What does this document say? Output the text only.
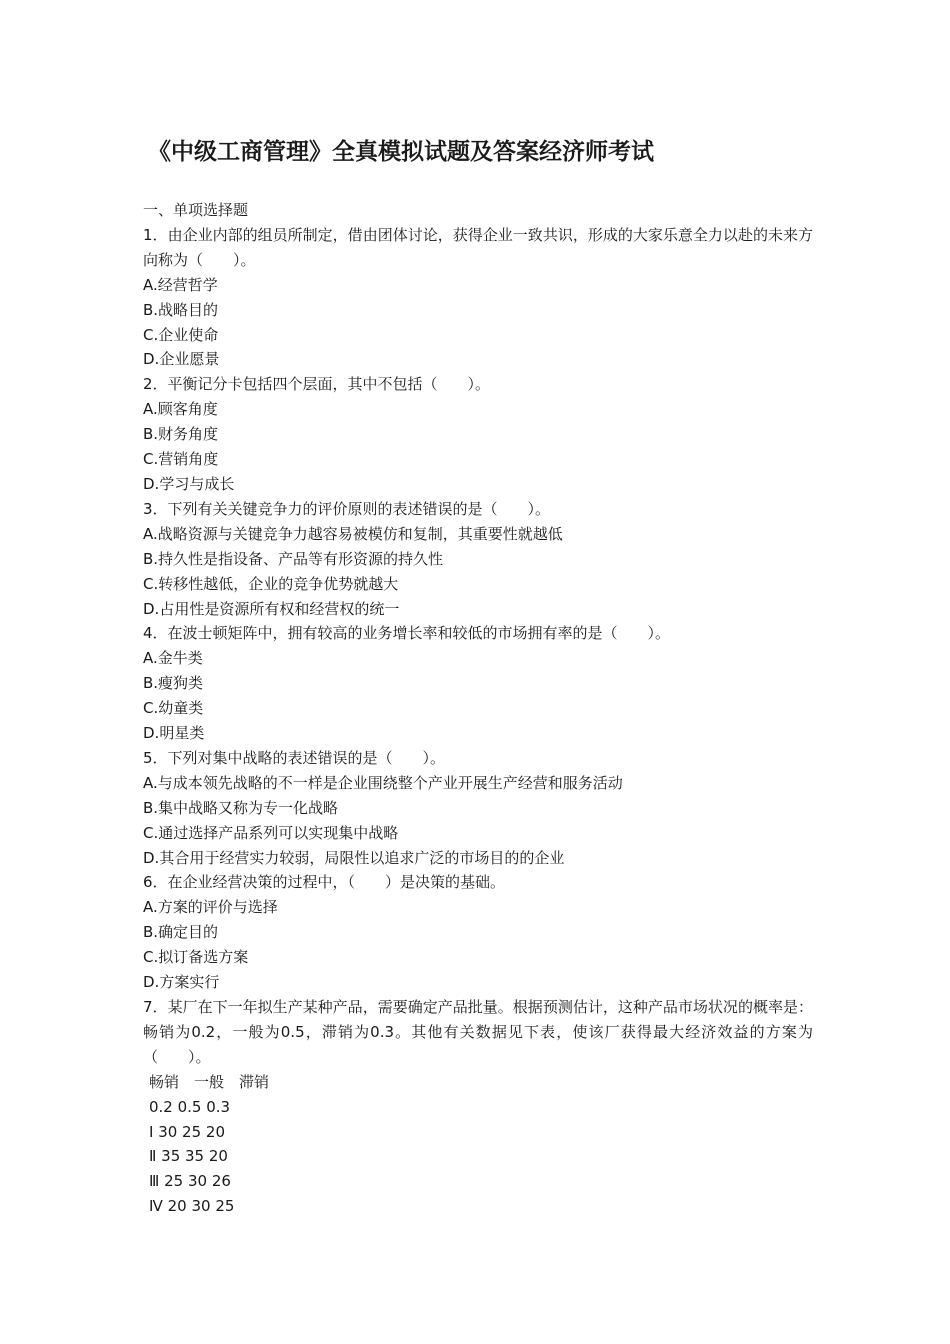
《中级工商管理》全真模拟试题及答案经济师考试

一、单项选择题

1．由企业内部的组员所制定，借由团体讨论，获得企业一致共识，形成的大家乐意全力以赴的未来方向称为（　　）。

A.经营哲学

B.战略目的

C.企业使命

D.企业愿景

2．平衡记分卡包括四个层面，其中不包括（　　）。

A.顾客角度

B.财务角度

C.营销角度

D.学习与成长

3．下列有关关键竞争力的评价原则的表述错误的是（　　）。

A.战略资源与关键竞争力越容易被模仿和复制，其重要性就越低

B.持久性是指设备、产品等有形资源的持久性

C.转移性越低，企业的竞争优势就越大

D.占用性是资源所有权和经营权的统一

4．在波士顿矩阵中，拥有较高的业务增长率和较低的市场拥有率的是（　　）。

A.金牛类

B.瘦狗类

C.幼童类

D.明星类

5．下列对集中战略的表述错误的是（　　）。

A.与成本领先战略的不一样是企业围绕整个产业开展生产经营和服务活动

B.集中战略又称为专一化战略

C.通过选择产品系列可以实现集中战略

D.其合用于经营实力较弱，局限性以追求广泛的市场目的的企业

6．在企业经营决策的过程中，（　　）是决策的基础。

A.方案的评价与选择

B.确定目的

C.拟订备选方案

D.方案实行

7．某厂在下一年拟生产某种产品，需要确定产品批量。根据预测估计，这种产品市场状况的概率是：畅销为0.2，一般为0.5，滞销为0.3。其他有关数据见下表，使该厂获得最大经济效益的方案为（　　）。

畅销　一般　滞销

0.2 0.5 0.3

Ⅰ 30 25 20

Ⅱ 35 35 20

Ⅲ 25 30 26

Ⅳ 20 30 25
